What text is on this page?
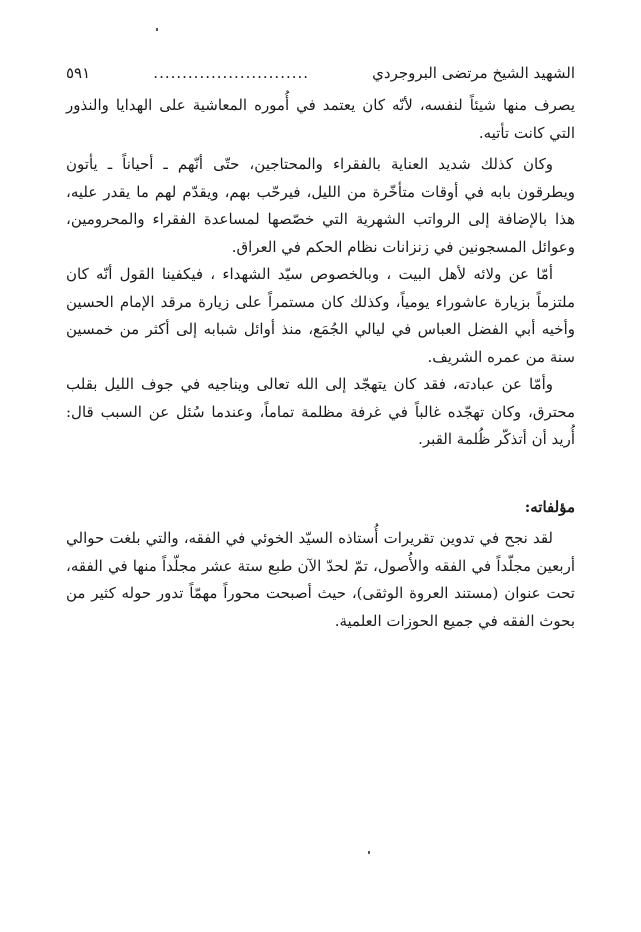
الشهيد الشيخ مرتضى البروجردي
...........................
٥٩١

يصرف منها شيئاً لنفسه، لأنّه كان يعتمد في أُموره المعاشية على الهدايا والنذور التي كانت تأتيه.

وكان كذلك شديد العناية بالفقراء والمحتاجين، حتّى أنّهم ـ أحياناً ـ يأتون ويطرقون بابه في أوقات متأخّرة من الليل، فيرحّب بهم، ويقدّم لهم ما يقدر عليه، هذا بالإضافة إلى الرواتب الشهرية التي خصّصها لمساعدة الفقراء والمحرومين، وعوائل المسجونين في زنزانات نظام الحكم في العراق.

أمّا عن ولائه لأهل البيت ، وبالخصوص سيّد الشهداء ، فيكفينا القول أنّه كان ملتزماً بزيارة عاشوراء يومياً، وكذلك كان مستمراً على زيارة مرقد الإمام الحسين وأخيه أبي الفضل العباس في ليالي الجُمَع، منذ أوائل شبابه إلى أكثر من خمسين سنة من عمره الشريف.

وأمّا عن عبادته، فقد كان يتهجّد إلى الله تعالى ويناجيه في جوف الليل بقلب محترق، وكان تهجّده غالباً في غرفة مظلمة تماماً، وعندما سُئل عن السبب قال: أُريد أن أتذكّر ظُلمة القبر.

مؤلفاته:

لقد نجح في تدوين تقريرات أُستاذه السيّد الخوئي في الفقه، والتي بلغت حوالي أربعين مجلّداً في الفقه والأُصول، تمّ لحدّ الآن طبع ستة عشر مجلّداً منها في الفقه، تحت عنوان (مستند العروة الوثقى)، حيث أصبحت محوراً مهمّاً تدور حوله كثير من بحوث الفقه في جميع الحوزات العلمية.
